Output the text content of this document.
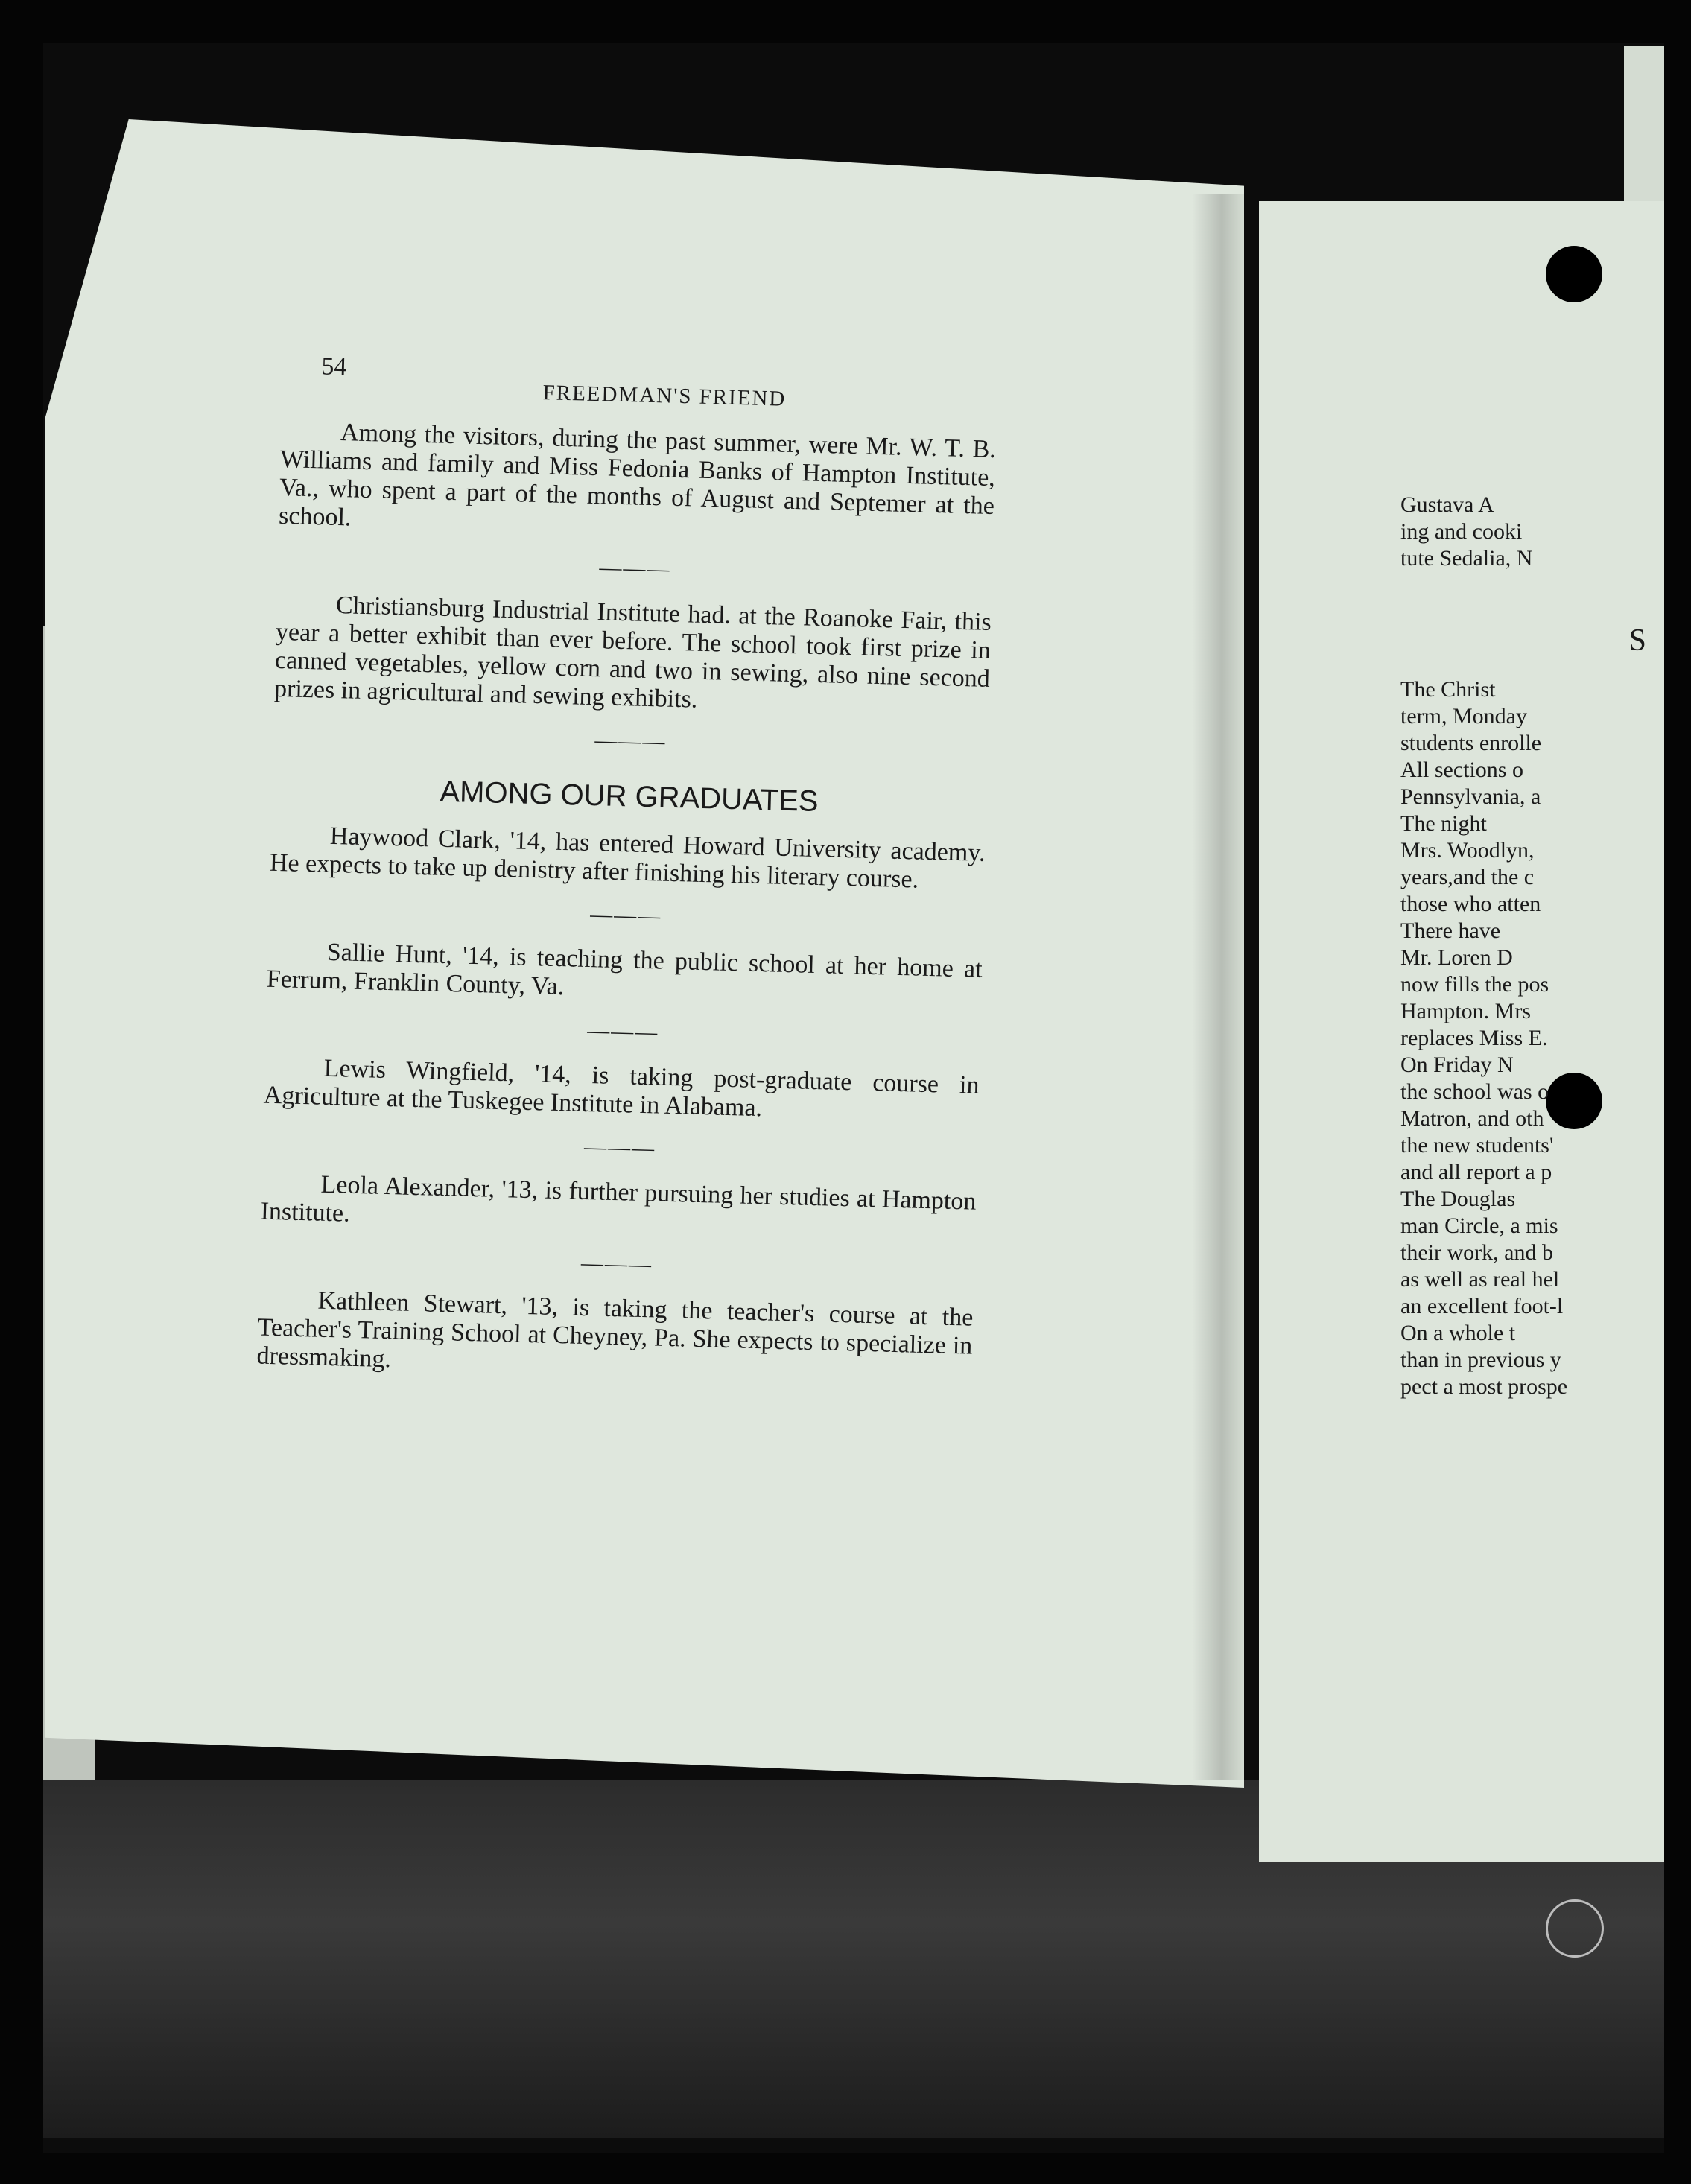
54
FREEDMAN'S FRIEND

Among the visitors, during the past summer, were Mr. W. T. B. Williams and family and Miss Fedonia Banks of Hampton Institute, Va., who spent a part of the months of August and Septemer at the school.

———

Christiansburg Industrial Institute had. at the Roanoke Fair, this year a better exhibit than ever before. The school took first prize in canned vegetables, yellow corn and two in sewing, also nine second prizes in agricultural and sewing exhibits.

———
AMONG OUR GRADUATES

Haywood Clark, '14, has entered Howard University academy. He expects to take up denistry after finishing his literary course.

———

Sallie Hunt, '14, is teaching the public school at her home at Ferrum, Franklin County, Va.

———

Lewis Wingfield, '14, is taking post-graduate course in Agriculture at the Tuskegee Institute in Alabama.

———

Leola Alexander, '13, is further pursuing her studies at Hampton Institute.

———

Kathleen Stewart, '13, is taking the teacher's course at the Teacher's Training School at Cheyney, Pa. She expects to specialize in dressmaking.

Gustava A

ing and cooki

tute Sedalia, N

S

The Christ

term, Monday

students enrolle

All sections o

Pennsylvania, a

The night

Mrs. Woodlyn,

years,and the c

those who atten

There have

Mr. Loren D

now fills the pos

Hampton. Mrs

replaces Miss E.

On Friday N

the school was o

Matron, and oth

the new students'

and all report a p

The Douglas

man Circle, a mis

their work, and b

as well as real hel

an excellent foot-l

On a whole t

than in previous y

pect a most prospe
